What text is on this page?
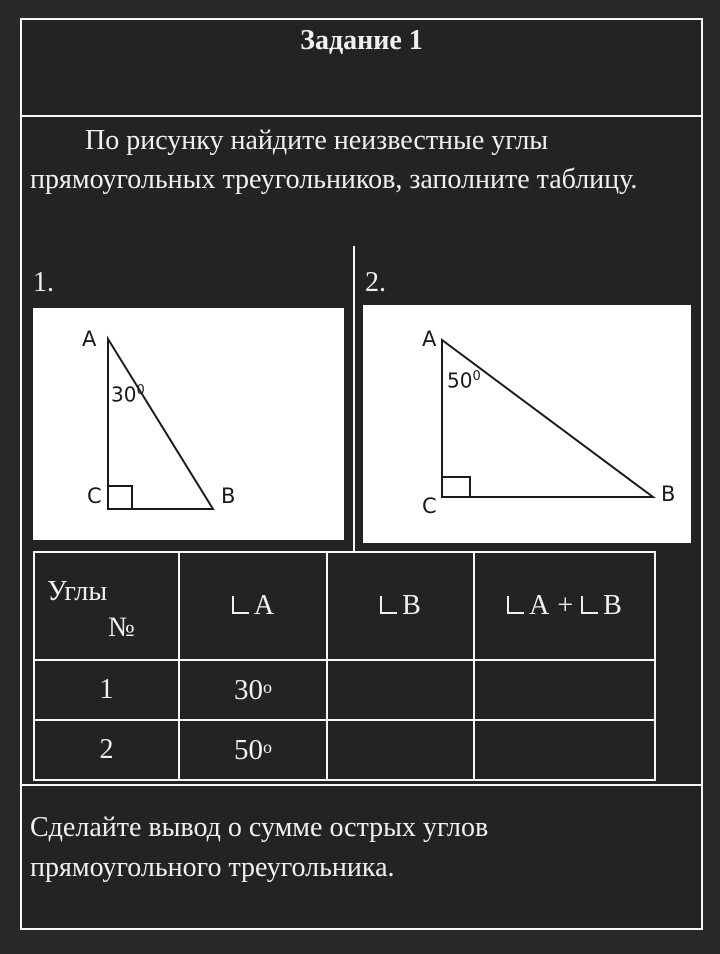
Задание 1
По рисунку найдите неизвестные углы
прямоугольных треугольников, заполните таблицу.
1.
A
$30^0$
C	B
2.
A
$50^0$
C	B
Углы
№	A	B	A + B
1	30$^o$		
2	50$^o$		
Сделайте вывод о сумме острых углов
прямоугольного треугольника.
